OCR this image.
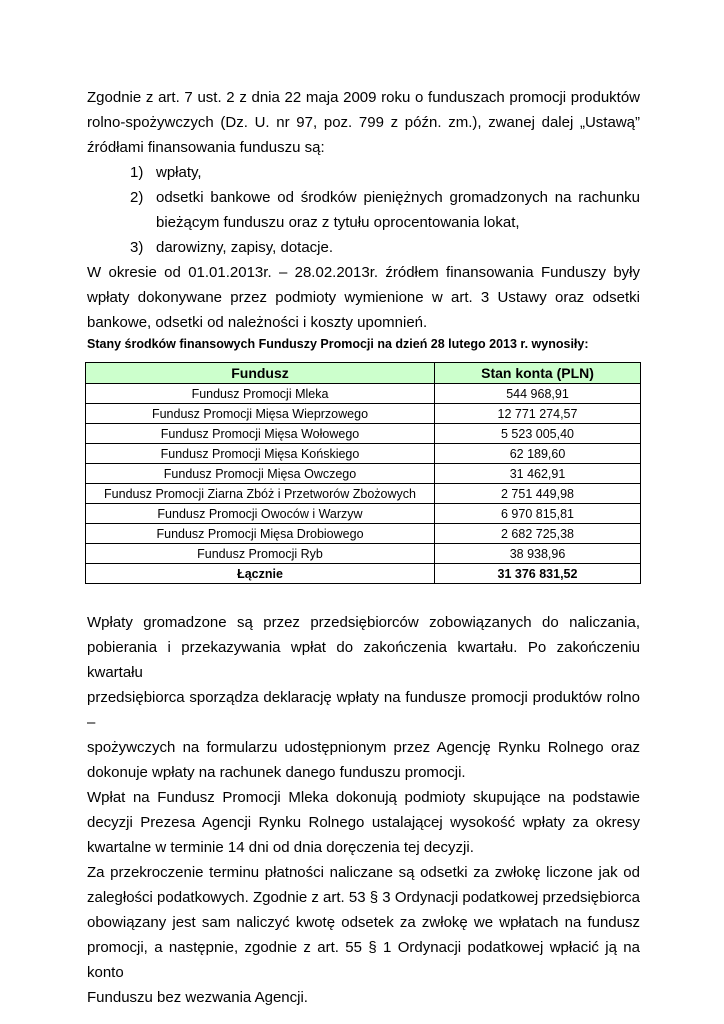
Zgodnie z art. 7 ust. 2 z dnia 22 maja 2009 roku o funduszach promocji produktów
rolno-spożywczych (Dz. U. nr 97, poz. 799 z późn. zm.), zwanej dalej „Ustawą”
źródłami finansowania funduszu są:
1) wpłaty,
2) odsetki bankowe od środków pieniężnych gromadzonych na rachunku
bieżącym funduszu oraz z tytułu oprocentowania lokat,
3) darowizny, zapisy, dotacje.
W okresie od 01.01.2013r. – 28.02.2013r. źródłem finansowania Funduszy były
wpłaty dokonywane przez podmioty wymienione w art. 3 Ustawy oraz odsetki
bankowe, odsetki od należności i koszty upomnień.
Stany środków finansowych Funduszy Promocji na dzień 28 lutego 2013 r. wynosiły:
Fundusz	Stan konta (PLN)
Fundusz Promocji Mleka	544 968,91
Fundusz Promocji Mięsa Wieprzowego	12 771 274,57
Fundusz Promocji Mięsa Wołowego	5 523 005,40
Fundusz Promocji Mięsa Końskiego	62 189,60
Fundusz Promocji Mięsa Owczego	31 462,91
Fundusz Promocji Ziarna Zbóż i Przetworów Zbożowych	2 751 449,98
Fundusz Promocji Owoców i Warzyw	6 970 815,81
Fundusz Promocji Mięsa Drobiowego	2 682 725,38
Fundusz Promocji Ryb	38 938,96
Łącznie	31 376 831,52
Wpłaty gromadzone są przez przedsiębiorców zobowiązanych do naliczania,
pobierania i przekazywania wpłat do zakończenia kwartału. Po zakończeniu kwartału
przedsiębiorca sporządza deklarację wpłaty na fundusze promocji produktów rolno –
spożywczych na formularzu udostępnionym przez Agencję Rynku Rolnego oraz
dokonuje wpłaty na rachunek danego funduszu promocji.
Wpłat na Fundusz Promocji Mleka dokonują podmioty skupujące na podstawie
decyzji Prezesa Agencji Rynku Rolnego ustalającej wysokość wpłaty za okresy
kwartalne w terminie 14 dni od dnia doręczenia tej decyzji.
Za przekroczenie terminu płatności naliczane są odsetki za zwłokę liczone jak od
zaległości podatkowych. Zgodnie z art. 53 § 3 Ordynacji podatkowej przedsiębiorca
obowiązany jest sam naliczyć kwotę odsetek za zwłokę we wpłatach na fundusz
promocji, a następnie, zgodnie z art. 55 § 1 Ordynacji podatkowej wpłacić ją na konto
Funduszu bez wezwania Agencji.
